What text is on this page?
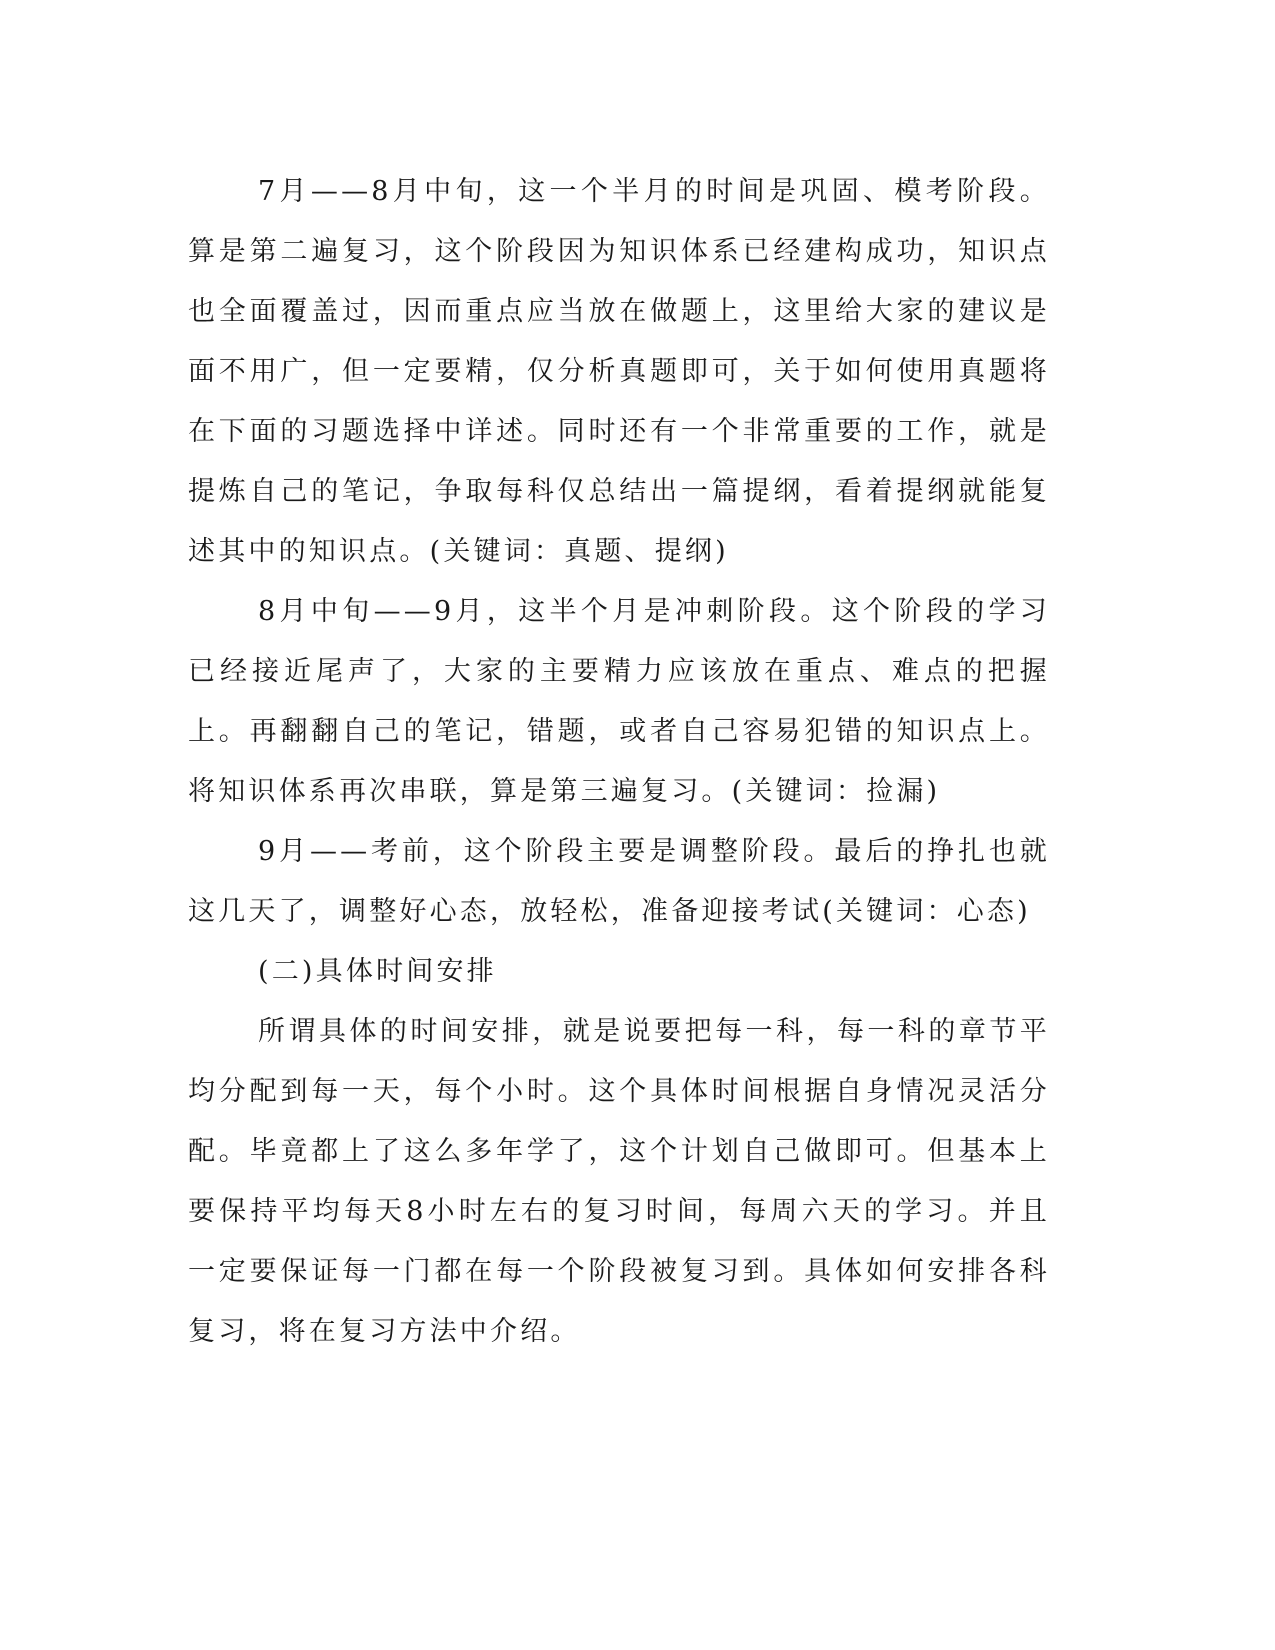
7月——8月中旬，这一个半月的时间是巩固、模考阶段。算是第二遍复习，这个阶段因为知识体系已经建构成功，知识点也全面覆盖过，因而重点应当放在做题上，这里给大家的建议是面不用广，但一定要精，仅分析真题即可，关于如何使用真题将在下面的习题选择中详述。同时还有一个非常重要的工作，就是提炼自己的笔记，争取每科仅总结出一篇提纲，看着提纲就能复述其中的知识点。(关键词：真题、提纲)

8月中旬——9月，这半个月是冲刺阶段。这个阶段的学习已经接近尾声了，大家的主要精力应该放在重点、难点的把握上。再翻翻自己的笔记，错题，或者自己容易犯错的知识点上。将知识体系再次串联，算是第三遍复习。(关键词：捡漏)

9月——考前，这个阶段主要是调整阶段。最后的挣扎也就这几天了，调整好心态，放轻松，准备迎接考试(关键词：心态)

(二)具体时间安排

所谓具体的时间安排，就是说要把每一科，每一科的章节平均分配到每一天，每个小时。这个具体时间根据自身情况灵活分配。毕竟都上了这么多年学了，这个计划自己做即可。但基本上要保持平均每天8小时左右的复习时间，每周六天的学习。并且一定要保证每一门都在每一个阶段被复习到。具体如何安排各科复习，将在复习方法中介绍。
